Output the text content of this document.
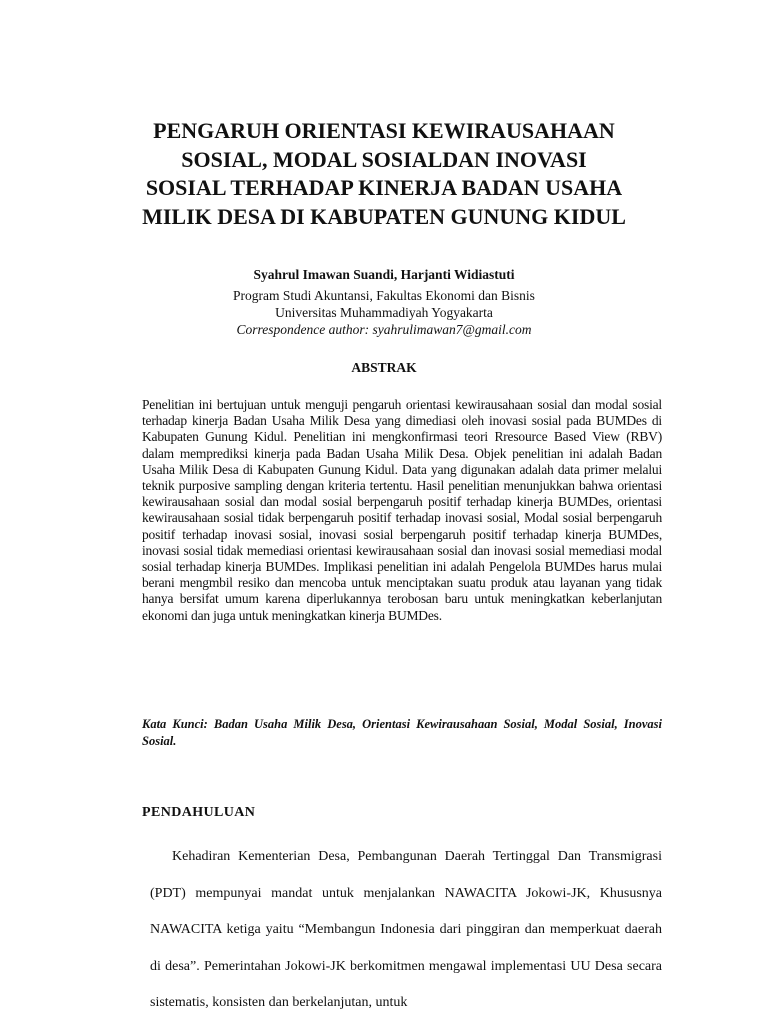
PENGARUH ORIENTASI KEWIRAUSAHAAN SOSIAL, MODAL SOSIALDAN INOVASI SOSIAL TERHADAP KINERJA BADAN USAHA MILIK DESA DI KABUPATEN GUNUNG KIDUL
Syahrul Imawan Suandi, Harjanti Widiastuti
Program Studi Akuntansi, Fakultas Ekonomi dan Bisnis
Universitas Muhammadiyah Yogyakarta
Correspondence author: syahrulimawan7@gmail.com
ABSTRAK

Penelitian ini bertujuan untuk menguji pengaruh orientasi kewirausahaan sosial dan modal sosial terhadap kinerja Badan Usaha Milik Desa yang dimediasi oleh inovasi sosial pada BUMDes di Kabupaten Gunung Kidul. Penelitian ini mengkonfirmasi teori Rresource Based View (RBV) dalam memprediksi kinerja pada Badan Usaha Milik Desa. Objek penelitian ini adalah Badan Usaha Milik Desa di Kabupaten Gunung Kidul. Data yang digunakan adalah data primer melalui teknik purposive sampling dengan kriteria tertentu. Hasil penelitian menunjukkan bahwa orientasi kewirausahaan sosial dan modal sosial berpengaruh positif terhadap kinerja BUMDes, orientasi kewirausahaan sosial tidak berpengaruh positif terhadap inovasi sosial, Modal sosial berpengaruh positif terhadap inovasi sosial, inovasi sosial berpengaruh positif terhadap kinerja BUMDes, inovasi sosial tidak memediasi orientasi kewirausahaan sosial dan inovasi sosial memediasi modal sosial terhadap kinerja BUMDes. Implikasi penelitian ini adalah Pengelola BUMDes harus mulai berani mengmbil resiko dan mencoba untuk menciptakan suatu produk atau layanan yang tidak hanya bersifat umum karena diperlukannya terobosan baru untuk meningkatkan keberlanjutan ekonomi dan juga untuk meningkatkan kinerja BUMDes.

Kata Kunci: Badan Usaha Milik Desa, Orientasi Kewirausahaan Sosial, Modal Sosial, Inovasi Sosial.

PENDAHULUAN

Kehadiran Kementerian Desa, Pembangunan Daerah Tertinggal Dan Transmigrasi (PDT) mempunyai mandat untuk menjalankan NAWACITA Jokowi-JK, Khususnya NAWACITA ketiga yaitu “Membangun Indonesia dari pinggiran dan memperkuat daerah di desa”. Pemerintahan Jokowi-JK berkomitmen mengawal implementasi UU Desa secara sistematis, konsisten dan berkelanjutan, untuk
